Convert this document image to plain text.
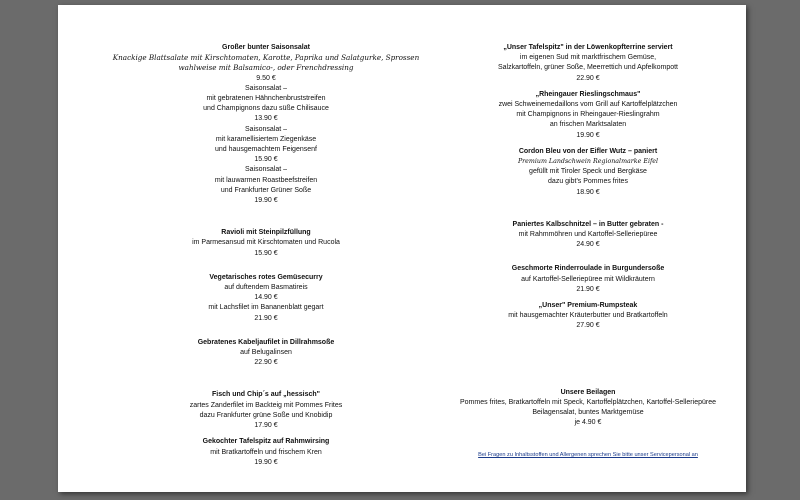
Großer bunter Saisonsalat
Knackige Blattsalate mit Kirschtomaten, Karotte, Paprika und Salatgurke, Sprossen
wahlweise mit Balsamico-, oder Frenchdressing
9.50 €
Saisonsalat –
mit gebratenen Hähnchenbruststreifen
und Champignons dazu süße Chilisauce
13.90 €
Saisonsalat –
mit karamellisiertem Ziegenkäse
und hausgemachtem Feigensenf
15.90 €
Saisonsalat –
mit lauwarmen Roastbeefstreifen
und Frankfurter Grüner Soße
19.90 €
Ravioli mit Steinpilzfüllung
im Parmesansud mit Kirschtomaten und Rucola
15.90 €
Vegetarisches rotes Gemüsecurry
auf duftendem Basmatireis
14.90 €
mit Lachsfilet im Bananenblatt gegart
21.90 €
Gebratenes Kabeljaufilet in Dillrahmsoße
auf Belugalinsen
22.90 €
Fisch und Chip´s auf „hessisch"
zartes Zanderfilet im Backteig mit Pommes Frites
dazu Frankfurter grüne Soße und Knobidip
17.90 €
Gekochter Tafelspitz auf Rahmwirsing
mit Bratkartoffeln und frischem Kren
19.90 €
„Unser Tafelspitz" in der Löwenkopfterrine serviert
im eigenen Sud mit marktfrischem Gemüse,
Salzkartoffeln, grüner Soße, Meerrettich und Apfelkompott
22.90 €
„Rheingauer Rieslingschmaus"
zwei Schweinemedaillons vom Grill auf Kartoffelplätzchen
mit Champignons in Rheingauer-Rieslingrahm
an frischen Marktsalaten
19.90 €
Cordon Bleu von der Eifler Wutz – paniert
Premium Landschwein Regionalmarke Eifel
gefüllt mit Tiroler Speck und Bergkäse
dazu gibt's Pommes frites
18.90 €
Paniertes Kalbschnitzel – in Butter gebraten -
mit Rahmmöhren und Kartoffel-Selleriepüree
24.90 €
Geschmorte Rinderroulade in Burgundersoße
auf Kartoffel-Selleriepüree mit Wildkräutern
21.90 €
„Unser" Premium-Rumpsteak
mit hausgemachter Kräuterbutter und Bratkartoffeln
27.90 €
Unsere Beilagen
Pommes frites, Bratkartoffeln mit Speck, Kartoffelplätzchen, Kartoffel-Selleriepüree
Beilagensalat, buntes Marktgemüse
je 4.90 €
Bei Fragen zu Inhaltsstoffen und Allergenen sprechen Sie bitte unser Servicepersonal an
